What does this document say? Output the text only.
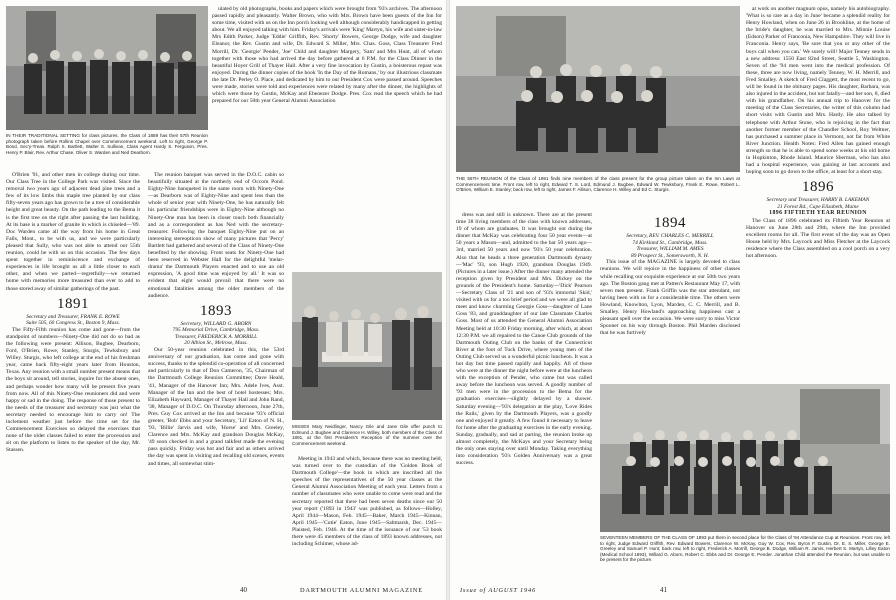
IN THEIR TRADITIONAL SETTING for class pictures, the Class of 1889 has their 57th Reunion photograph taken before Rollins Chapel over Commencement weekend. Left to right, George P. Bond, Sec'y-Treas. Ralph S. Bartlett, Walter S. Sullivan, Class Agent Hardy S. Ferguson, Pres. Henry P. Blair, Rev. Arthur Chase, Oliver S. Warden and Ned Dearborn.

O'Brien '91, and other men in college during our time. Our Class Tree in the College Park was visited. Since the removal two years ago of adjacent dead pine trees and a few of its low limbs this maple tree planted by our class fifty-seven years ago has grown to be a tree of considerable height and great beauty. On the path leading to the Bema it is the first tree on the right after passing the last building. At its base is a marker of granite in which is chiseled—'89. Doc Warden came all the way from his home in Great Falls, Mont., to be with us, and we were particularly pleased that Sully, who was not able to attend our 55th reunion, could be with us on this occasion. The few days spent together in reminiscence and exchange of experiences in life brought us all a little closer to each other, and when we parted—regretfully—we returned home with memories more treasured than ever to add to those stored away of similar gatherings of the past.

1891

Secretary and Treasurer, FRANK E. ROWE

Suite 505, 60 Congress St., Boston 9, Mass.

The Fifty-Fifth reunion has come and gone—from the standpoint of numbers—Ninety-One did not do so bad as the following were present: Allison, Bugbee, Dearborn, Ford, O'Brien, Rowe, Stanley, Sturgis, Tewksbury and Willey. Sturgis, who left college at the end of his freshman year, came back fifty-eight years later from Houston, Texas. Any reunion with a small number present means that the boys sit around, tell stories, inquire for the absent ones, and perhaps wonder how many will be present five years from now. All of this Ninety-One reunioners did and were happy or sad in the doing. The response of those present to the needs of the treasurer and secretary was just what the secretary needed to encourage him to carry on! The inclement weather just before the time set for the Commencement Exercises so delayed the exercises that none of the older classes failed to enter the procession and sit on the platform to listen to the speaker of the day, Mr. Stassen.

The reunion banquet was served in the D.O.C. cabin so beautifully situated at the northerly end of Occom Pond. Eighty-Nine banqueted in the same room with Ninety-One—as Dearborn was of Eighty-Nine and spent less than the whole of senior year with Ninety-One, he has naturally felt his particular friendships were in Eighty-Nine although no Ninety-One man has been in closer touch both financially and as a correspondent as has Ned with the secretary-treasurer. Following the banquet Eighty-Nine put on an interesting stereopticon show of many pictures that 'Percy' Bartlett had gathered and several of the Class of Ninety-One benefited by the showing. Front seats for Ninety-One had been reserved in Webster Hall for the delightful 'melar-drama' the Dartmouth Players enacted and to use an old expression, 'A good time was enjoyed by all.' It was so evident that eight would prevail that there were no emotional fatalities among the older members of the audience.

1893

Secretary, WILLARD G. ABORN

795 Memorial Drive, Cambridge, Mass.

Treasurer, FREDERICK A. MORRILL

20 Albion St., Melrose, Mass.

Our 50-year reunion celebrated in this, the 53rd anniversary of our graduation, has come and gone with success, thanks to the splendid co-operation of all concerned and particularly to that of Don Cameron, '35, Chairman of the Dartmouth College Reunion Committee; Dave Heald, '41, Manager of the Hanover Inn; Mrs. Adele Ives, Asst. Manager of the Inn and the best of hotel hostesses; Mrs. Elizabeth Hayward, Manager of Thayer Hall and John Rand, '38, Manager of D.O.C. On Thursday afternoon, June 27th, Pres. Guy Cox arrived at the Inn and because '93's official greeter, 'Bob' Ebbs and your Secretary, 'Lil' Eaton of N. H., '93, 'Billie' Jarvis and wife, 'Horse' and Mrs. Greeley, Clarence and Mrs. McKay and grandson Douglas McKay, '49 soon checked in and a grand talkfest made the evening pass quickly. Friday was hot and fair and as others arrived the day was spent in visiting and recalling old scenes, events and times, all somewhat stim-

ulated by old photographs, books and papers which were brought from '93's archives. The afternoon passed rapidly and pleasantly. Walter Brown, who with Mrs. Brown have been guests of the Inn for some time, visited with us on the Inn porch looking well although considerably handicapped in getting about. We all enjoyed talking with him. Friday's arrivals were 'King' Martyn, his wife and sister-in-law Mrs Edith Parker, Judge 'Eddie' Griffith, Rev. 'Shorty' Bowers, George Dodge, wife and daughter Eleanor, the Rev. Gustin and wife, Dr. Edward S. Miller, Mrs. Chas. Goss, Class Treasurer Fred Morrill, Dr. 'Georgie' Pender, 'Joe' Child and daughter Margery, 'Sam' and Mrs Hunt, all of whom together with those who had arrived the day before gathered at 6 P.M. for the Class Dinner in the beautiful Hoyer Grill of Thayer Hall. After a very fine invocation by Gustin, a boisterous repast was enjoyed. During the dinner copies of the book 'In the Day of the Romans,' by our illustrious classmate the late Dr. Perley O. Place, and dedicated by him to our President Cox were passed around. Speeches were made, stories were told and experiences were related by many after the dinner, the highlights of which were those by Gustin, McKay and Ebenezer Dodge. Pres. Cox read the speech which he had prepared for our 50th year General Alumni Association

MISSES Mary Neidlinger, Nancy Gile and Jane Gile offer punch to Edmund J. Bugbee and Clarence H. Willey, both members of the Class of 1891, at the first President's Reception of the summer over the Commencement weekend.

Meeting in 1943 and which, because there was no meeting held, was turned over to the custodian of the 'Golden Book of Dartmouth College'—the book in which are inscribed all the speeches of the representatives of the 50 year classes at the General Alumni Association Meeting of each year. Letters from a number of classmates who were unable to come were read and the secretary reported that there had been seven deaths since our 50 year report ('1893 in 1943' was published, as follows—Holley, April 1944—Mason, Feb. 1945—Baker, March 1945—Kinnan, April 1945—'Cutie' Eaton, June 1945—Saltmarsh, Dec. 1945—Plaisted, Feb. 1946. At the time of the issuance of our '53 book there were 45 members of the class of 1893 known addresses, not including Schimer, whose ad-

40	DARTMOUTH ALUMNI MAGAZINE
THE 55TH REUNION of the Class of 1891 finds nine members of the class present for the group picture taken on the Inn Lawn at Commencement time. Front row, left to right, Edward T. S. Lord, Edmund J. Bugbee, Edward W. Tewksbury, Frank E. Rowe, Robert L. O'Brien, William E. Stanley; back row, left to right, James F. Allison, Clarence H. Willey and Ed C. Sturgis.

dress was and still is unknown. There are at the present time 38 living members of the class with known addresses, 19 of whom are graduates. It was brought out during the dinner that McKay was celebrating four 50 year events—at 50 years a Mason—and, admitted to the bar 50 years ago—3rd, married 50 years and now '93's 50 year celebration. Also that he heads a three generation Dartmouth dynasty—'Mac' '93, son Hugh 1920, grandson Douglas 1949. (Pictures in a later issue.) After the dinner many attended the reception given by President and Mrs. Dickey on the grounds of the President's home. Saturday—'Dick' Pearson—Secretary Class of '21 and son of '93's immortal 'Skid,' visited with us for a too brief period and we were all glad to meet and know charming Georgie Goss—daughter of Lane Goss '83, and granddaughter of our late Classmate Charles Goss. Most of us attended the General Alumni Association Meeting held at 10:30 Friday morning, after which, at about 12:30 P.M. we all repaired to the Canoe Club grounds of the Dartmouth Outing Club on the banks of the Connecticut River at the foot of Tuck Drive, where young men of the Outing Club served us a wonderful picnic luncheon. It was a hot day but time passed rapidly and happily. All of those who were at the dinner the night before were at the luncheon with the exception of Pender, who came but was called away before the luncheon was served. A goodly number of '93 men were in the procession to the Bema for the graduation exercises—slightly delayed by a shower. Saturday evening—'93's delegation at the play, 'Love Rides the Rails,' given by the Dartmouth Players, was a goodly one and enjoyed it greatly. A few found it necessary to leave for home after the graduating exercises in the early evening. Sunday, gradually, and sad at parting, the reunion broke up almost completely, the McKays and your Secretary being the only ones staying over until Monday. Taking everything into consideration '93's Golden Anniversary was a great success.

1894

Secretary, REV. CHARLES C. MERRILL

74 Kirkland St., Cambridge, Mass.

Treasurer, WILLIAM M. AMES

89 Prospect St., Somersworth, N. H.

This issue of the MAGAZINE is largely devoted to class reunions. We will rejoice in the happiness of other classes while recalling our exquisite experience at our 50th two years ago. The Boston gang met at Patten's Restaurant May 17, with seven men present. Frank Griffin was the star attendant, not having been with us for a considerable time. The others were Howland, Knowlton, Lyon, Marden, C. C. Merrill, and B. Smalley. Henry Howland's approaching happiness cast a pleasant spell over the occasion. We were sorry to miss Victor Spooner on his way through Boston. Phil Marden disclosed that he was furtively

at work on another magnum opus, namely his autobiography. 'What is so rare as a day in June' became a splendid reality for Henry Howland, when on June 26 in Brookline, at the home of the bride's daughter, he was married to Mrs. Minnie Louise (Edson) Parker of Franconia, New Hampshire. They will live in Franconia. Henry says, 'Be sure that you or any other of the boys call when you can.' We surely will! Major Tenney sends in a new address: 1550 East 82nd Street, Seattle 5, Washington. Seven of the '94 men went into the medical profession. Of these, three are now living, namely Tenney, W. H. Merrill, and Fred Smalley. A sketch of Fred Claggett, the most recent to go, will be found in the obituary pages. His daughter, Barbara, was also injured in the accident, but not fatally—and her son, 8, died with his grandfather. On his annual trip to Hanover for the meeting of the Class Secretaries, the writer of this column had short visits with Gustin and Mrs. Hardy. He also talked by telephone with Arthur Stone, who is rejoicing in the fact that another former member of the Chandler School, Roy Weltner, has purchased a summer place in Vermont, not far from White River Junction. Health Notes: Fred Allen has gained enough strength so that he is able to spend some weeks at his old home in Hopkinton, Rhode Island. Maurice Sherman, who has also had a hospital experience, was gaining at last accounts and hoping soon to go down to the office, at least for a short stay.

1896

Secretary and Treasurer, HARRY B. LAKEMAN

21 Forest Rd., Cape Elizabeth, Maine

1896 FIFTIETH YEAR REUNION

The Class of 1896 celebrated its Fiftieth Year Reunion at Hanover on June 28th and 29th, where the Inn provided excellent rooms for all. The first event of the day was an Open House held by Mrs. Laycock and Miss Fletcher at the Laycock residence where the Class assembled on a cool porch on a very hot afternoon.

SEVENTEEN MEMBERS OF THE CLASS OF 1893 put them in second place for the Class of '94 Attendance Cup at Reunions. Front row, left to right, Judge Edward Griffith, Rev. Edward Bowers, Clarence W. McKay, Guy W. Cox, Rev. Byron F. Gustin, Dr. E. S. Miller, George E. Greeley and Samuel P. Hunt; back row, left to right, Frederick A. Morrill, George B. Dodge, William R. Jarvis, Herbert S. Martyn, Lilley Eaton (Medical School 1893), Willard G. Aborn, Robert C. Ebbs and Dr. George E. Pender. Jonathan Child attended the Reunion, but was unable to be present for the picture.
Issue of AUGUST 1946	41
